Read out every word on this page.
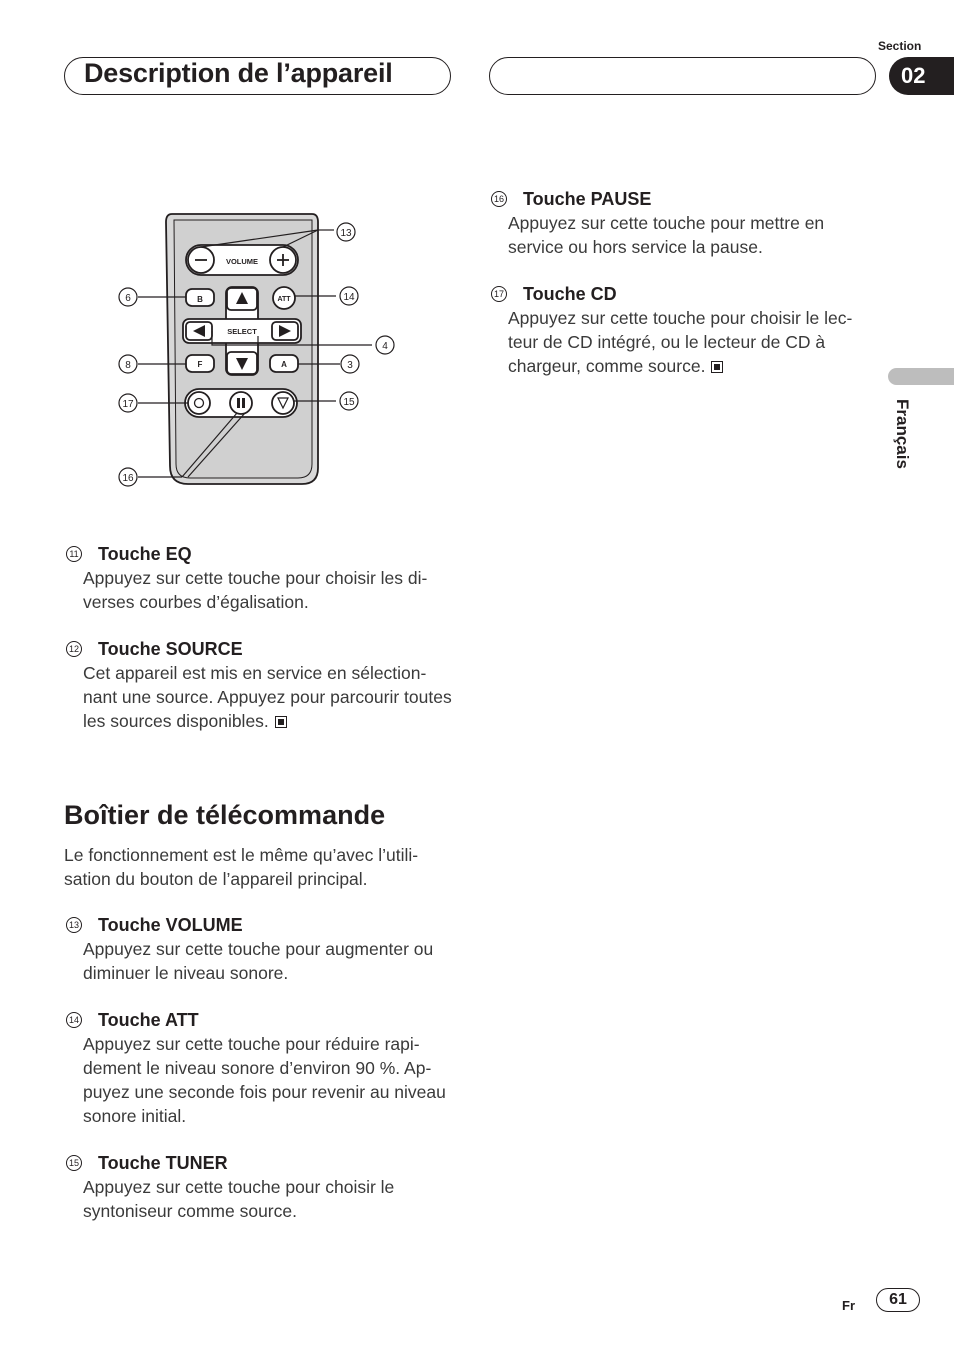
Description de l’appareil
Section
02
Français
B	ATT
F	A
VOLUME
SELECT
13
6	14
4
8	3
17	15
16
11 Touche EQ
Appuyez sur cette touche pour choisir les di-verses courbes d’égalisation.
12 Touche SOURCE
Cet appareil est mis en service en sélection-nant une source. Appuyez pour parcourir toutes les sources disponibles.
Boîtier de télécommande
Le fonctionnement est le même qu’avec l’utili-sation du bouton de l’appareil principal.
13 Touche VOLUME
Appuyez sur cette touche pour augmenter ou diminuer le niveau sonore.
14 Touche ATT
Appuyez sur cette touche pour réduire rapi-dement le niveau sonore d’environ 90 %. Ap-puyez une seconde fois pour revenir au niveau sonore initial.
15 Touche TUNER
Appuyez sur cette touche pour choisir le syntoniseur comme source.
16 Touche PAUSE
Appuyez sur cette touche pour mettre en service ou hors service la pause.
17 Touche CD
Appuyez sur cette touche pour choisir le lec-teur de CD intégré, ou le lecteur de CD à chargeur, comme source.
Fr	61
